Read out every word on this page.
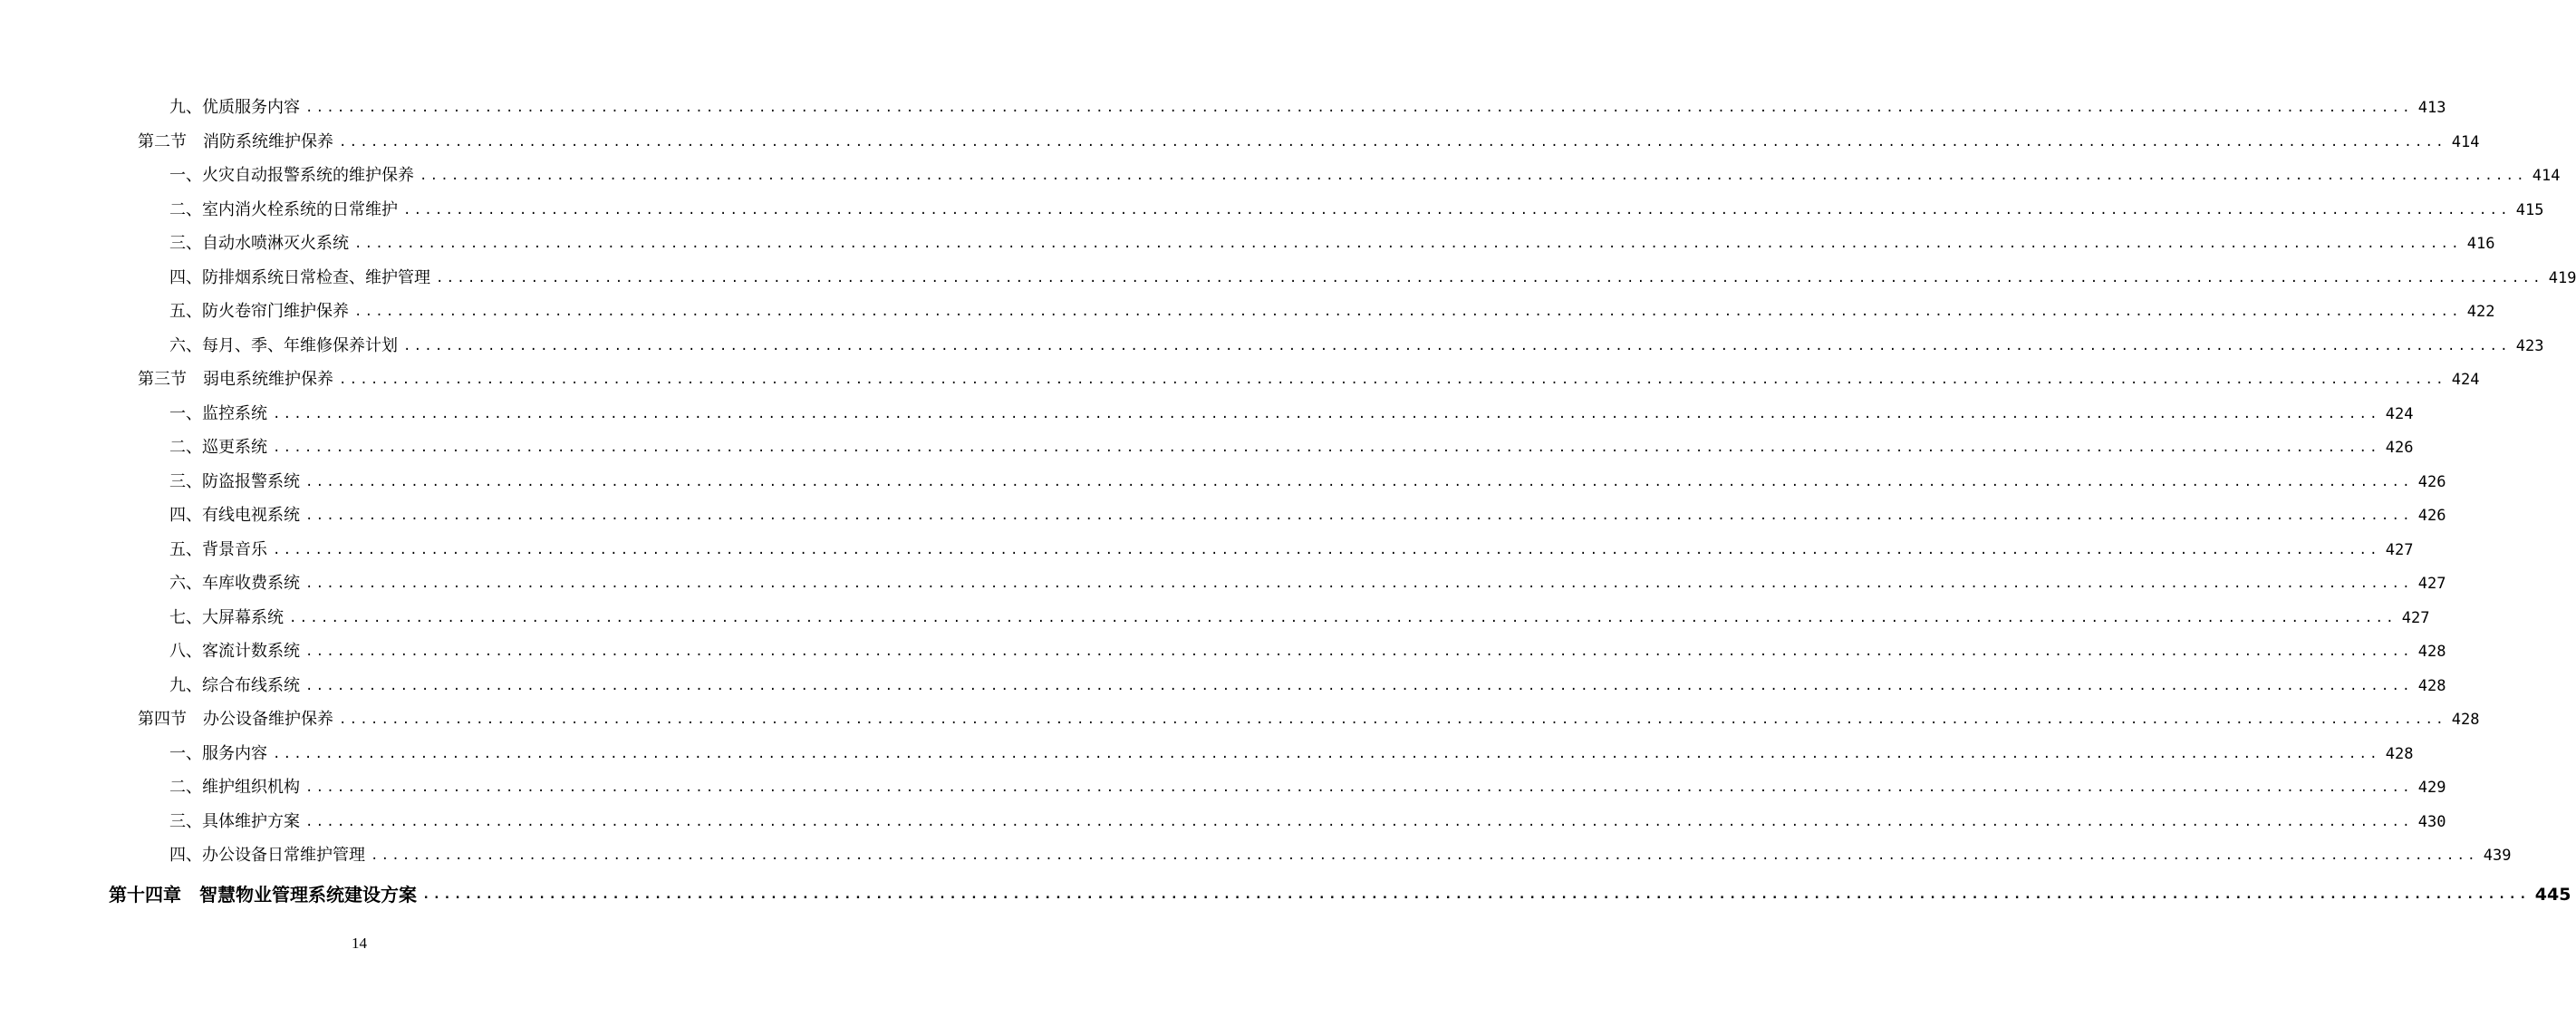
九、优质服务内容 ........................................................................................................................................................................................................ 413
第二节　消防系统维护保养 ........................................................................................................................................................................................................ 414
一、火灾自动报警系统的维护保养 ........................................................................................................................................................................................................ 414
二、室内消火栓系统的日常维护 ........................................................................................................................................................................................................ 415
三、自动水喷淋灭火系统 ........................................................................................................................................................................................................ 416
四、防排烟系统日常检查、维护管理 ........................................................................................................................................................................................................ 419
五、防火卷帘门维护保养 ........................................................................................................................................................................................................ 422
六、每月、季、年维修保养计划 ........................................................................................................................................................................................................ 423
第三节　弱电系统维护保养 ........................................................................................................................................................................................................ 424
一、监控系统 ........................................................................................................................................................................................................ 424
二、巡更系统 ........................................................................................................................................................................................................ 426
三、防盗报警系统 ........................................................................................................................................................................................................ 426
四、有线电视系统 ........................................................................................................................................................................................................ 426
五、背景音乐 ........................................................................................................................................................................................................ 427
六、车库收费系统 ........................................................................................................................................................................................................ 427
七、大屏幕系统 ........................................................................................................................................................................................................ 427
八、客流计数系统 ........................................................................................................................................................................................................ 428
九、综合布线系统 ........................................................................................................................................................................................................ 428
第四节　办公设备维护保养 ........................................................................................................................................................................................................ 428
一、服务内容 ........................................................................................................................................................................................................ 428
二、维护组织机构 ........................................................................................................................................................................................................ 429
三、具体维护方案 ........................................................................................................................................................................................................ 430
四、办公设备日常维护管理 ........................................................................................................................................................................................................ 439
第十四章　智慧物业管理系统建设方案 ........................................................................................................................................................................................................ 445
14
